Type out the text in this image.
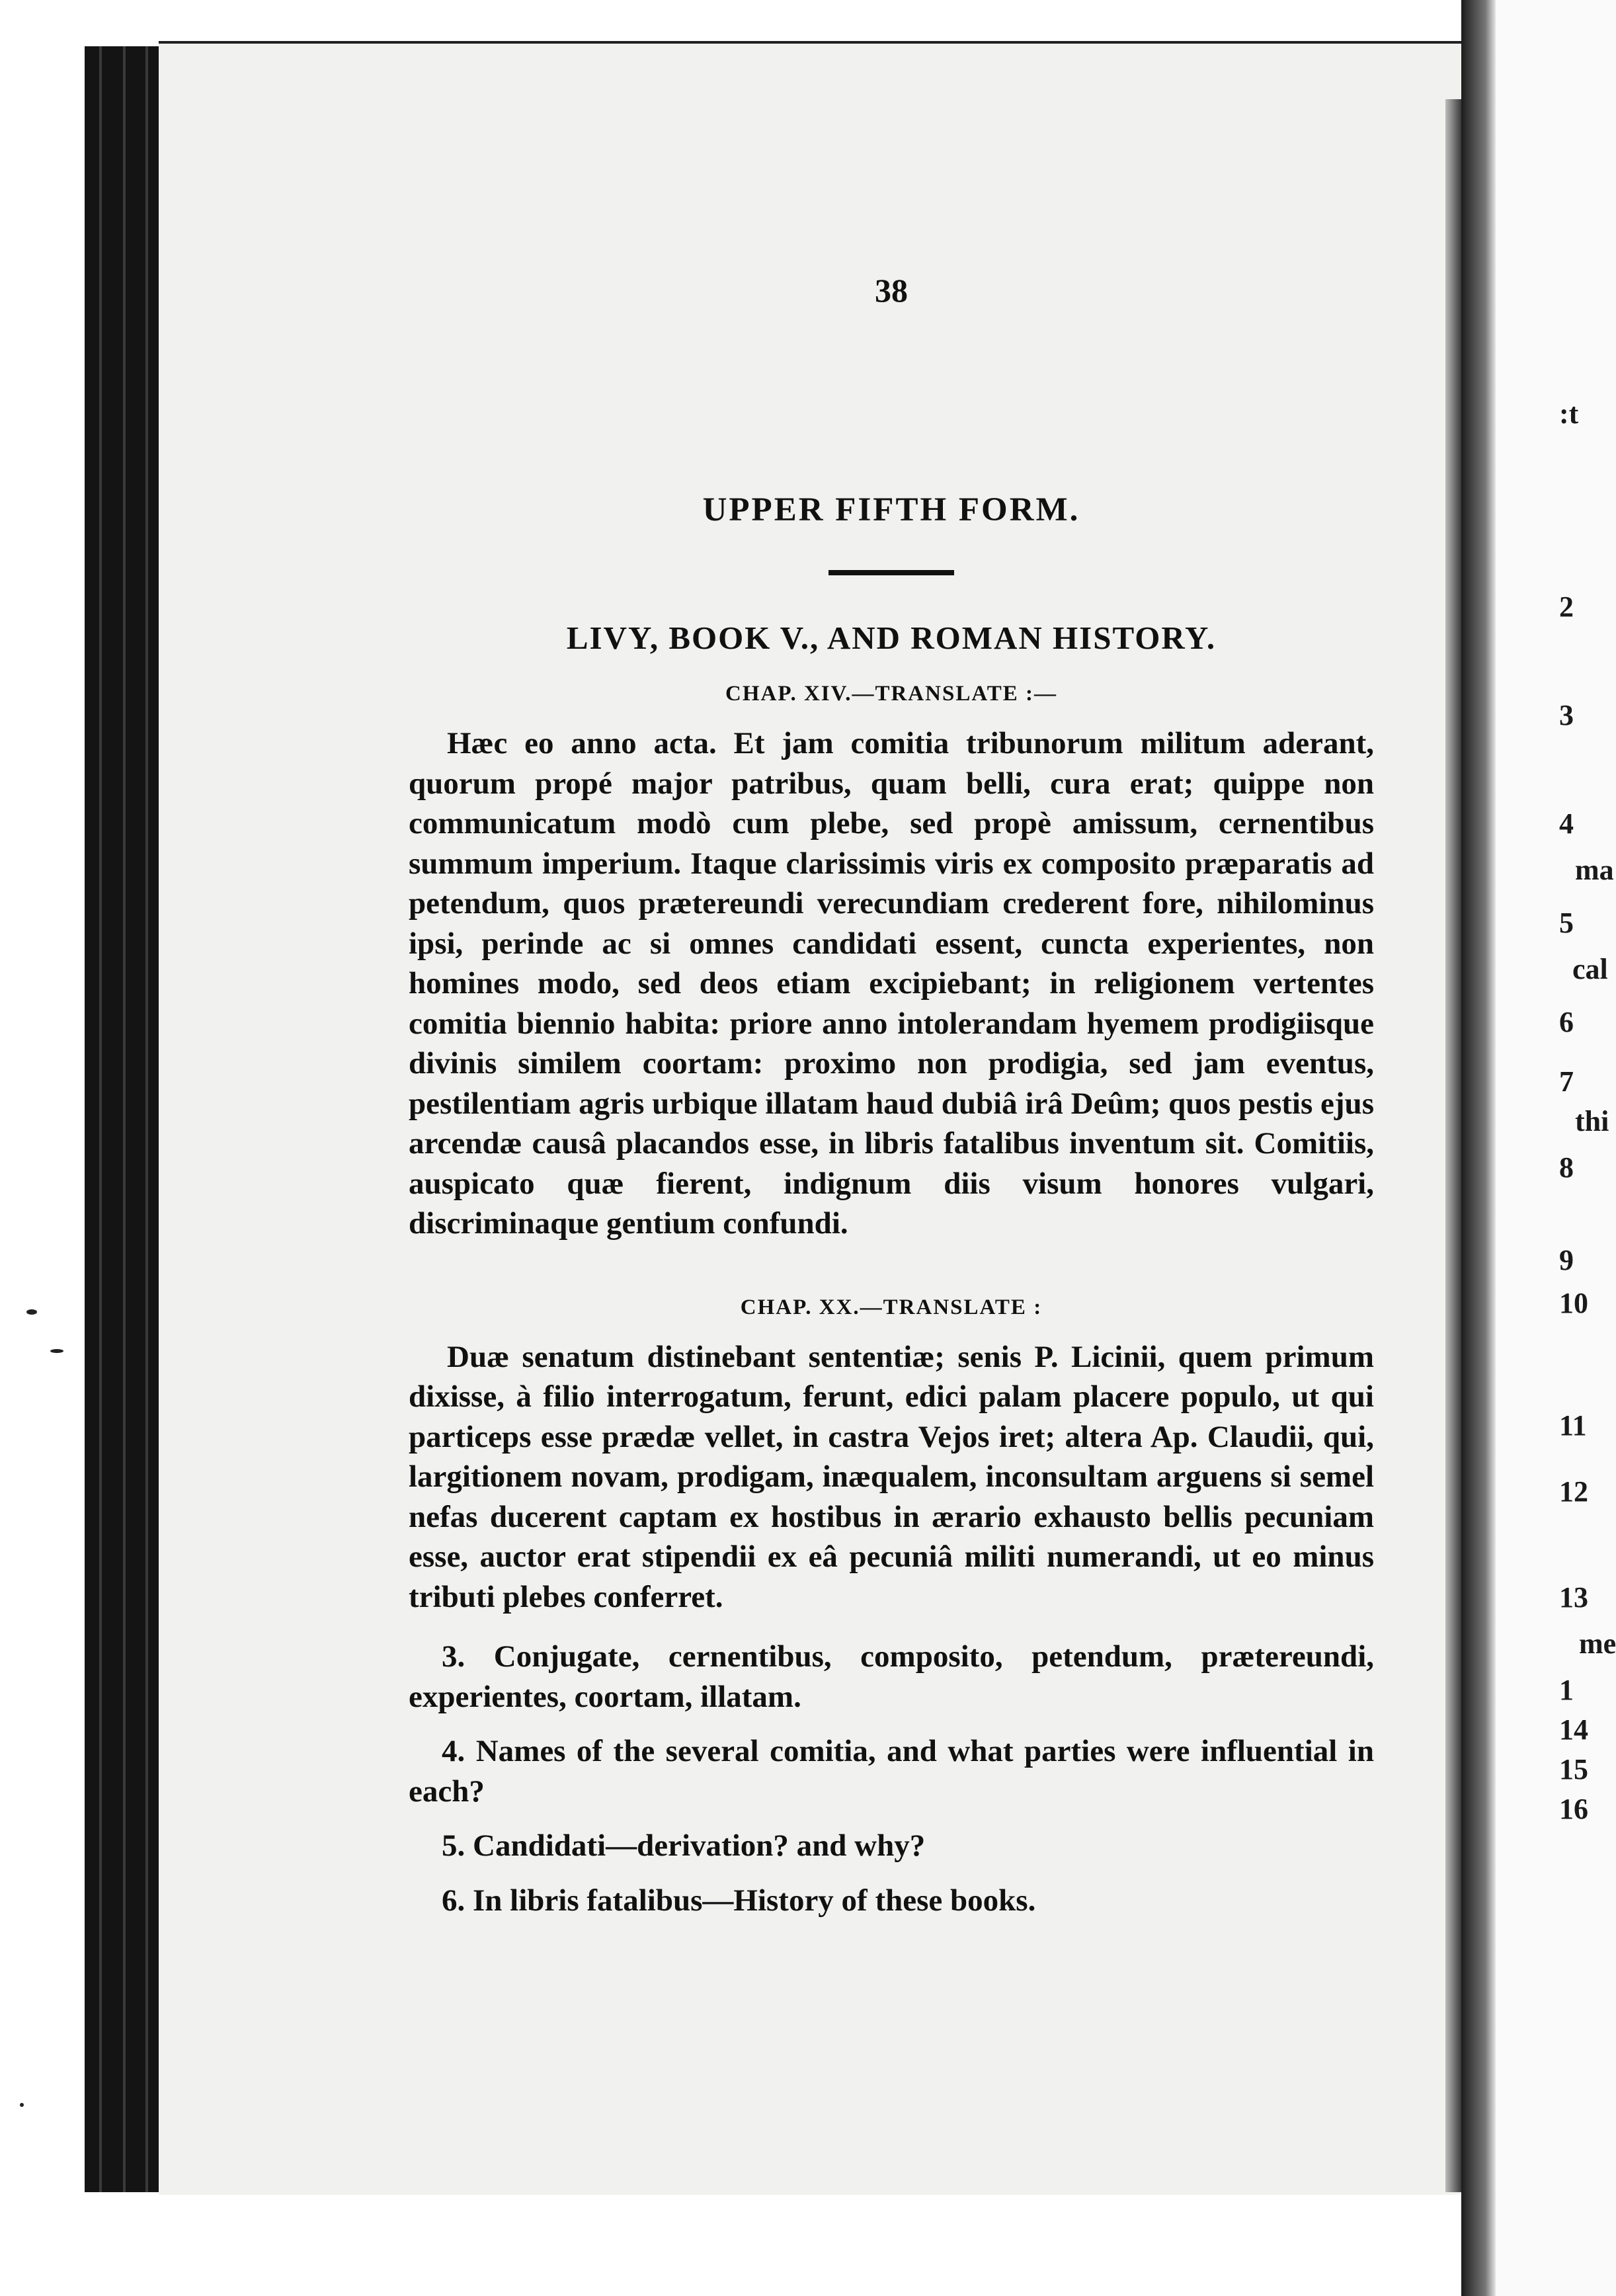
:t
2
3
4
ma
5
cal
6
7
thi
8
9
10
11
12
13
1
me
14
15
16
38
UPPER FIFTH FORM.
LIVY, BOOK V., AND ROMAN HISTORY.
CHAP. XIV.—TRANSLATE :—

Hæc eo anno acta. Et jam comitia tribunorum militum aderant, quorum propé major patribus, quam belli, cura erat; quippe non communicatum modò cum plebe, sed propè amissum, cernentibus summum imperium. Itaque clarissimis viris ex composito præparatis ad petendum, quos prætereundi verecundiam crederent fore, nihilominus ipsi, perinde ac si omnes candidati essent, cuncta experientes, non homines modo, sed deos etiam excipiebant; in religionem vertentes comitia biennio habita: priore anno intolerandam hyemem prodigiisque divinis similem coortam: proximo non prodigia, sed jam eventus, pestilentiam agris urbique illatam haud dubiâ irâ Deûm; quos pestis ejus arcendæ causâ placandos esse, in libris fatalibus inventum sit. Comitiis, auspicato quæ fierent, indignum diis visum honores vulgari, discriminaque gentium confundi.

CHAP. XX.—TRANSLATE :

Duæ senatum distinebant sententiæ; senis P. Licinii, quem primum dixisse, à filio interrogatum, ferunt, edici palam placere populo, ut qui particeps esse prædæ vellet, in castra Vejos iret; altera Ap. Claudii, qui, largitionem novam, prodigam, inæqualem, inconsultam arguens si semel nefas ducerent captam ex hostibus in ærario exhausto bellis pecuniam esse, auctor erat stipendii ex eâ pecuniâ militi numerandi, ut eo minus tributi plebes conferret.

3. Conjugate, cernentibus, composito, petendum, prætereundi, experientes, coortam, illatam.

4. Names of the several comitia, and what parties were influential in each?

5. Candidati—derivation? and why?

6. In libris fatalibus—History of these books.
